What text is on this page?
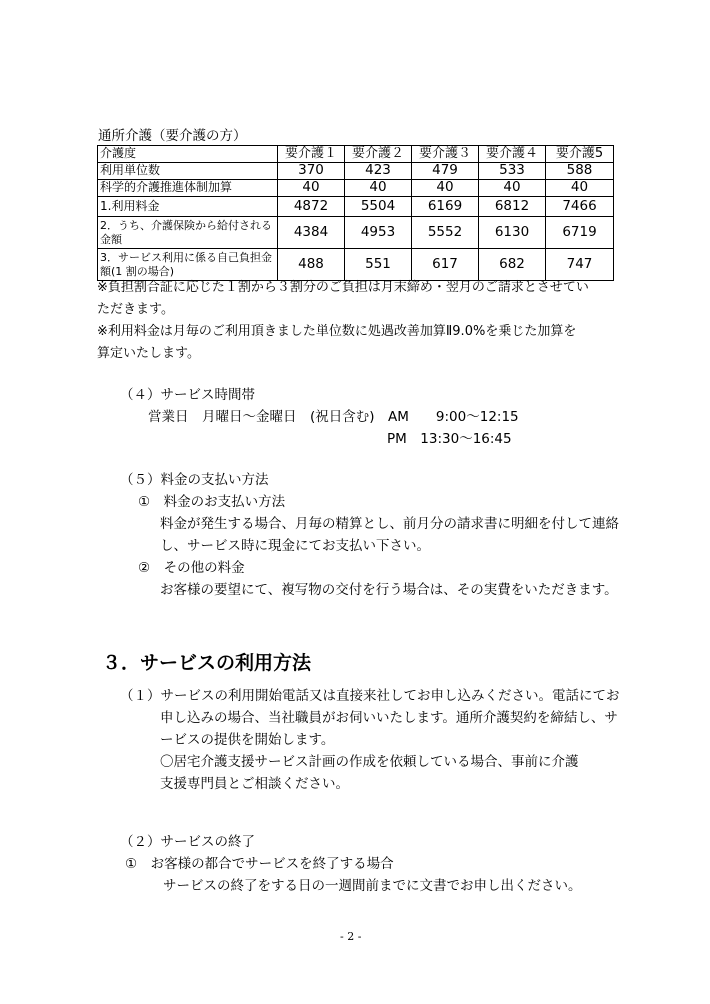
通所介護（要介護の方）
介護度	要介護１	要介護２	要介護３	要介護４	要介護5
利用単位数	370	423	479	533	588
科学的介護推進体制加算	40	40	40	40	40
1.利用料金	4872	5504	6169	6812	7466
2．うち、介護保険から給付される金額	4384	4953	5552	6130	6719
3．サービス利用に係る自己負担金額(1 割の場合)	488	551	617	682	747
※負担割合証に応じた１割から３割分のご負担は月末締め・翌月のご請求とさせてい
ただきます。
※利用料金は月毎のご利用頂きました単位数に処遇改善加算Ⅱ9.0%を乗じた加算を
算定いたします。
（４）サービス時間帯
営業日　月曜日～金曜日　(祝日含む)　AM　　9:00～12:15
PM　13:30～16:45
（５）料金の支払い方法
①　料金のお支払い方法
料金が発生する場合、月毎の精算とし、前月分の請求書に明細を付して連絡
し、サービス時に現金にてお支払い下さい。
②　その他の料金
お客様の要望にて、複写物の交付を行う場合は、その実費をいただきます。
３．サービスの利用方法
（１）サービスの利用開始電話又は直接来社してお申し込みください。電話にてお
申し込みの場合、当社職員がお伺いいたします。通所介護契約を締結し、サ
ービスの提供を開始します。
〇居宅介護支援サービス計画の作成を依頼している場合、事前に介護
支援専門員とご相談ください。
（２）サービスの終了
①　お客様の都合でサービスを終了する場合
サービスの終了をする日の一週間前までに文書でお申し出ください。
- 2 -
